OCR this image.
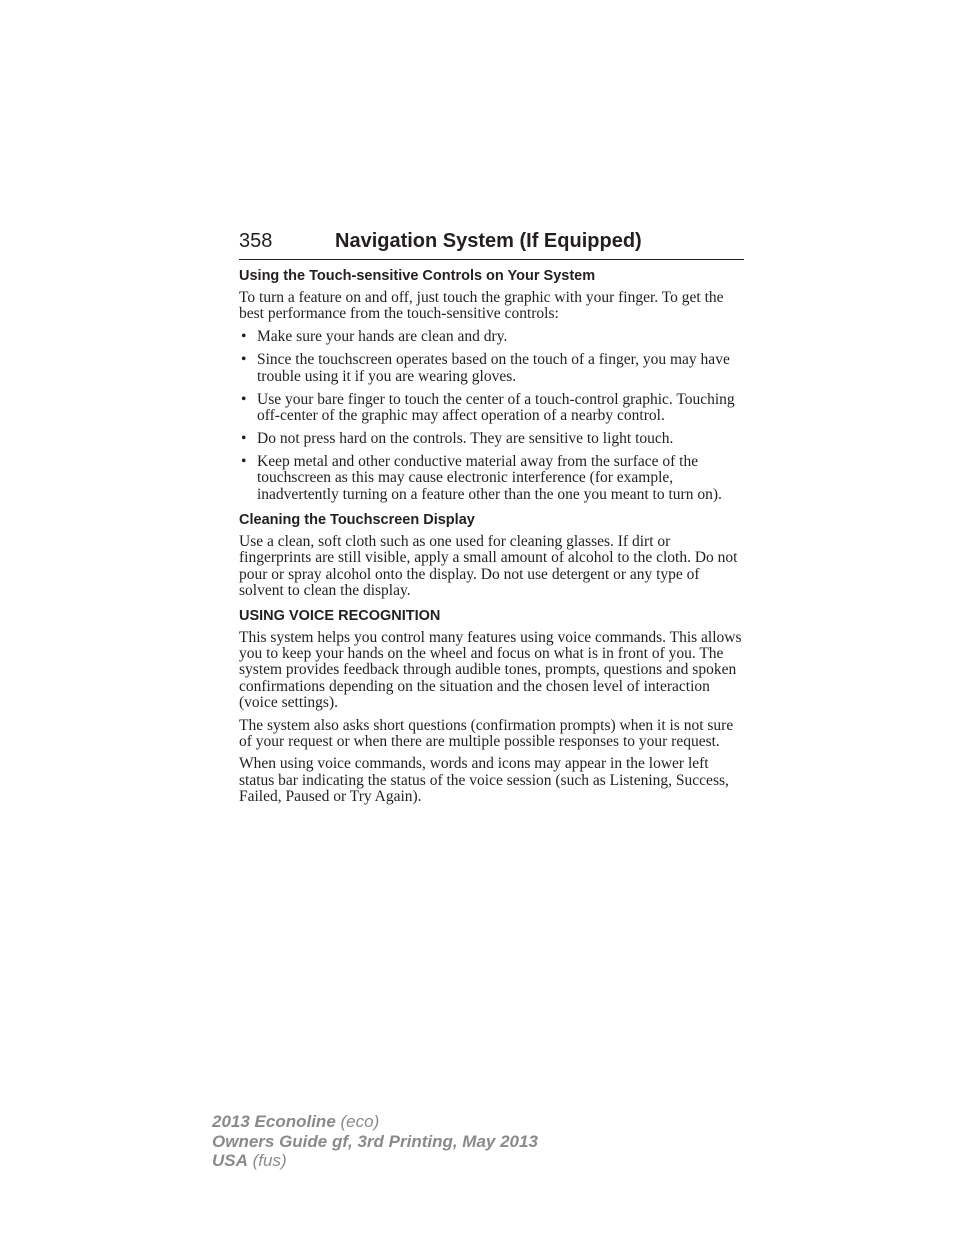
358	Navigation System (If Equipped)
Using the Touch-sensitive Controls on Your System

To turn a feature on and off, just touch the graphic with your finger. To get the best performance from the touch-sensitive controls:

• Make sure your hands are clean and dry.
• Since the touchscreen operates based on the touch of a finger, you may have trouble using it if you are wearing gloves.
• Use your bare finger to touch the center of a touch-control graphic. Touching off-center of the graphic may affect operation of a nearby control.
• Do not press hard on the controls. They are sensitive to light touch.
• Keep metal and other conductive material away from the surface of the touchscreen as this may cause electronic interference (for example, inadvertently turning on a feature other than the one you meant to turn on).
Cleaning the Touchscreen Display

Use a clean, soft cloth such as one used for cleaning glasses. If dirt or fingerprints are still visible, apply a small amount of alcohol to the cloth. Do not pour or spray alcohol onto the display. Do not use detergent or any type of solvent to clean the display.

USING VOICE RECOGNITION

This system helps you control many features using voice commands. This allows you to keep your hands on the wheel and focus on what is in front of you. The system provides feedback through audible tones, prompts, questions and spoken confirmations depending on the situation and the chosen level of interaction (voice settings).

The system also asks short questions (confirmation prompts) when it is not sure of your request or when there are multiple possible responses to your request.

When using voice commands, words and icons may appear in the lower left status bar indicating the status of the voice session (such as Listening, Success, Failed, Paused or Try Again).

2013 Econoline (eco)
Owners Guide gf, 3rd Printing, May 2013
USA (fus)
